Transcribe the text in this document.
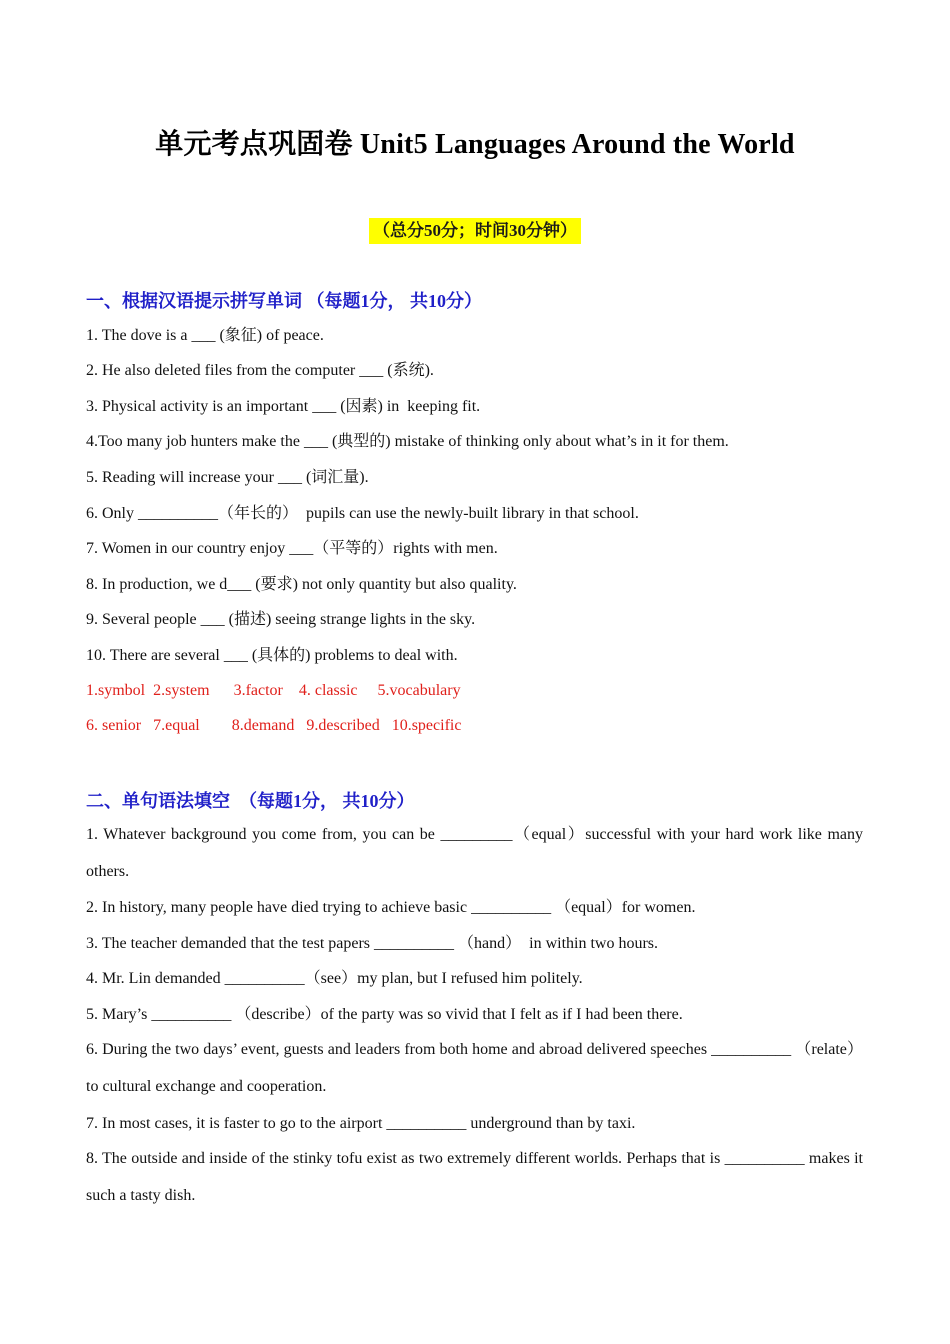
单元考点巩固卷 Unit5 Languages Around the World
（总分50分；时间30分钟）
一、根据汉语提示拼写单词 （每题1分， 共10分）
1. The dove is a ___ (象征) of peace.
2. He also deleted files from the computer ___ (系统).
3. Physical activity is an important ___ (因素) in  keeping fit.
4.Too many job hunters make the ___ (典型的) mistake of thinking only about what’s in it for them.
5. Reading will increase your ___ (词汇量).
6. Only __________（年长的）  pupils can use the newly-built library in that school.
7. Women in our country enjoy ___（平等的）rights with men.
8. In production, we d___ (要求) not only quantity but also quality.
9. Several people ___ (描述) seeing strange lights in the sky.
10. There are several ___ (具体的) problems to deal with.
1.symbol  2.system      3.factor    4. classic     5.vocabulary
6. senior   7.equal        8.demand   9.described   10.specific
二、单句语法填空  （每题1分， 共10分）
1. Whatever background you come from, you can be _________（equal）successful with your hard work like many others.
2. In history, many people have died trying to achieve basic __________ （equal）for women.
3. The teacher demanded that the test papers __________ （hand）  in within two hours.
4. Mr. Lin demanded __________（see）my plan, but I refused him politely.
5. Mary’s __________ （describe）of the party was so vivid that I felt as if I had been there.
6. During the two days’ event, guests and leaders from both home and abroad delivered speeches __________ （relate）to cultural exchange and cooperation.
7. In most cases, it is faster to go to the airport __________ underground than by taxi.
8. The outside and inside of the stinky tofu exist as two extremely different worlds. Perhaps that is __________ makes it such a tasty dish.
